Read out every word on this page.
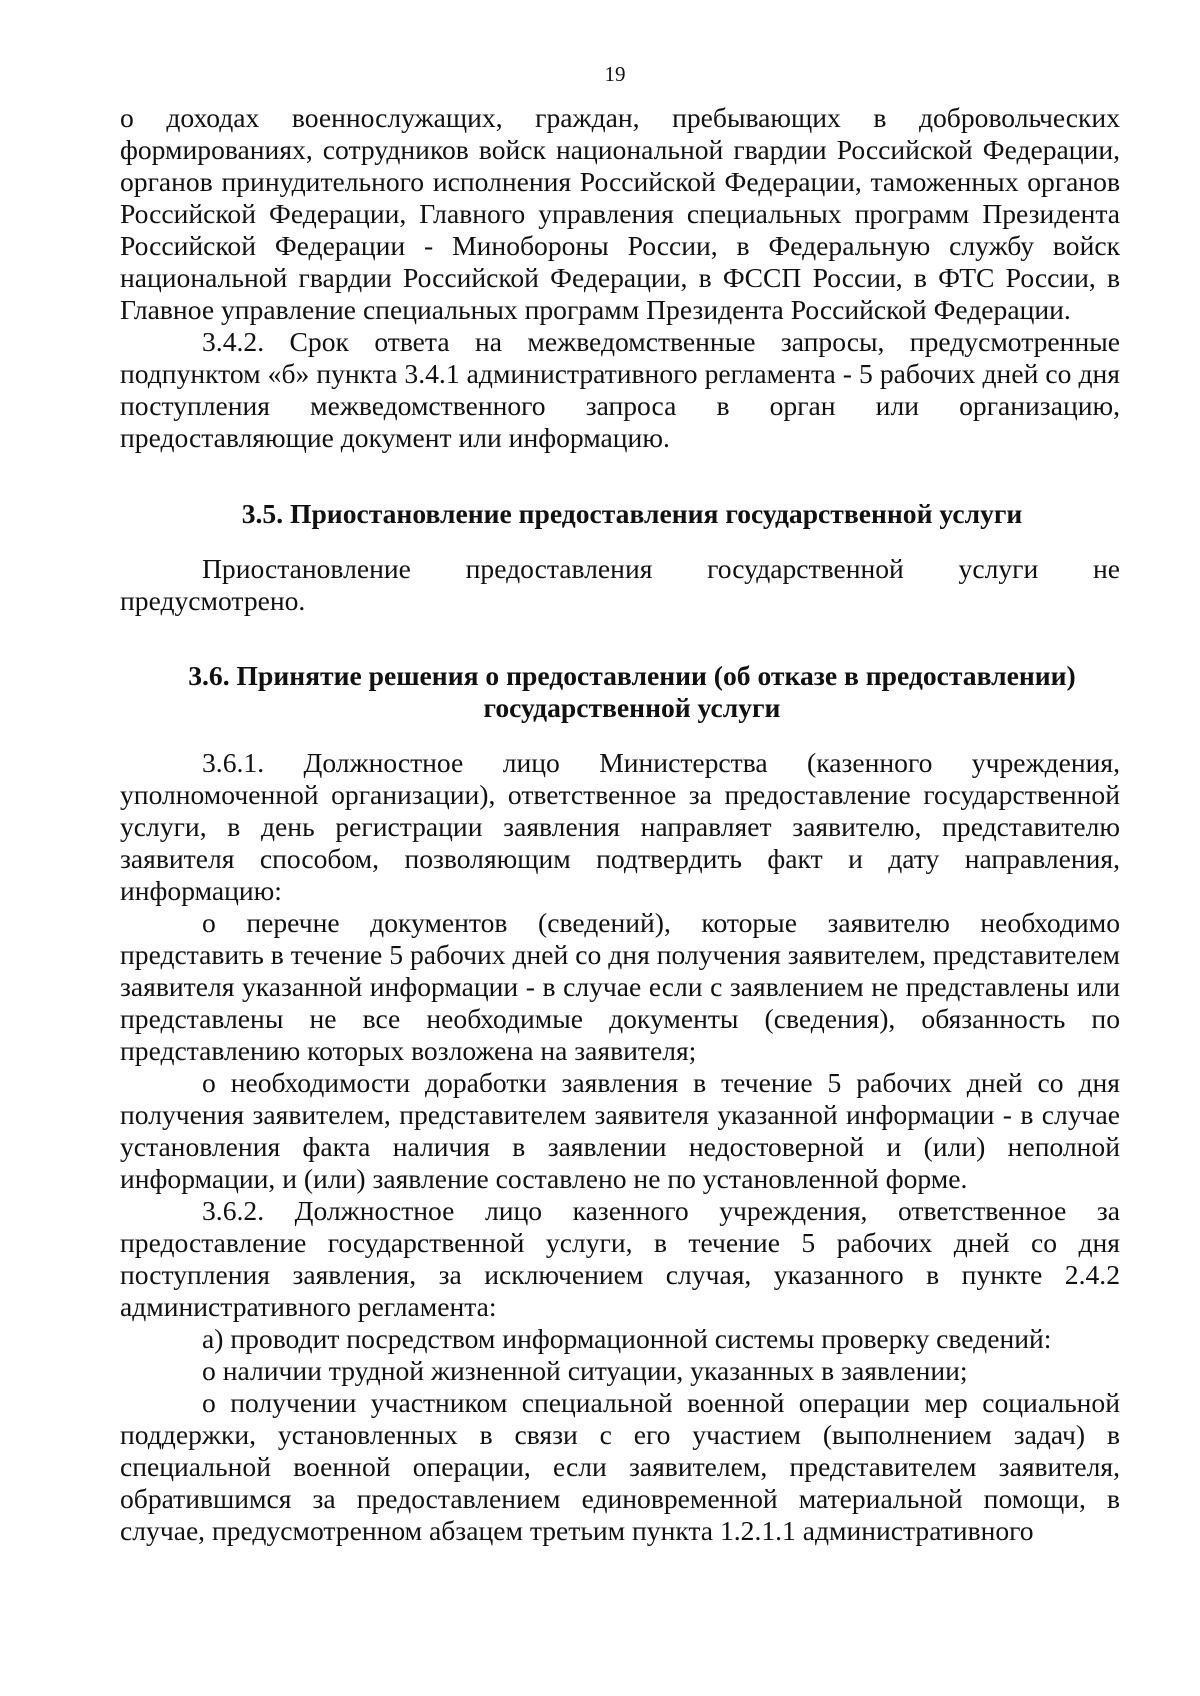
19

о доходах военнослужащих, граждан, пребывающих в добровольческих формированиях, сотрудников войск национальной гвардии Российской Федерации, органов принудительного исполнения Российской Федерации, таможенных органов Российской Федерации, Главного управления специальных программ Президента Российской Федерации - Минобороны России, в Федеральную службу войск национальной гвардии Российской Федерации, в ФССП России, в ФТС России, в Главное управление специальных программ Президента Российской Федерации.

3.4.2. Срок ответа на межведомственные запросы, предусмотренные подпунктом «б» пункта 3.4.1 административного регламента - 5 рабочих дней со дня поступления межведомственного запроса в орган или организацию, предоставляющие документ или информацию.

3.5. Приостановление предоставления государственной услуги

Приостановление предоставления государственной услуги не предусмотрено.

3.6. Принятие решения о предоставлении (об отказе в предоставлении)
государственной услуги

3.6.1. Должностное лицо Министерства (казенного учреждения, уполномоченной организации), ответственное за предоставление государственной услуги, в день регистрации заявления направляет заявителю, представителю заявителя способом, позволяющим подтвердить факт и дату направления, информацию:

о перечне документов (сведений), которые заявителю необходимо представить в течение 5 рабочих дней со дня получения заявителем, представителем заявителя указанной информации - в случае если с заявлением не представлены или представлены не все необходимые документы (сведения), обязанность по представлению которых возложена на заявителя;

о необходимости доработки заявления в течение 5 рабочих дней со дня получения заявителем, представителем заявителя указанной информации - в случае установления факта наличия в заявлении недостоверной и (или) неполной информации, и (или) заявление составлено не по установленной форме.

3.6.2. Должностное лицо казенного учреждения, ответственное за предоставление государственной услуги, в течение 5 рабочих дней со дня поступления заявления, за исключением случая, указанного в пункте 2.4.2 административного регламента:

а) проводит посредством информационной системы проверку сведений:

о наличии трудной жизненной ситуации, указанных в заявлении;

о получении участником специальной военной операции мер социальной поддержки, установленных в связи с его участием (выполнением задач) в специальной военной операции, если заявителем, представителем заявителя, обратившимся за предоставлением единовременной материальной помощи, в случае, предусмотренном абзацем третьим пункта 1.2.1.1 административного
